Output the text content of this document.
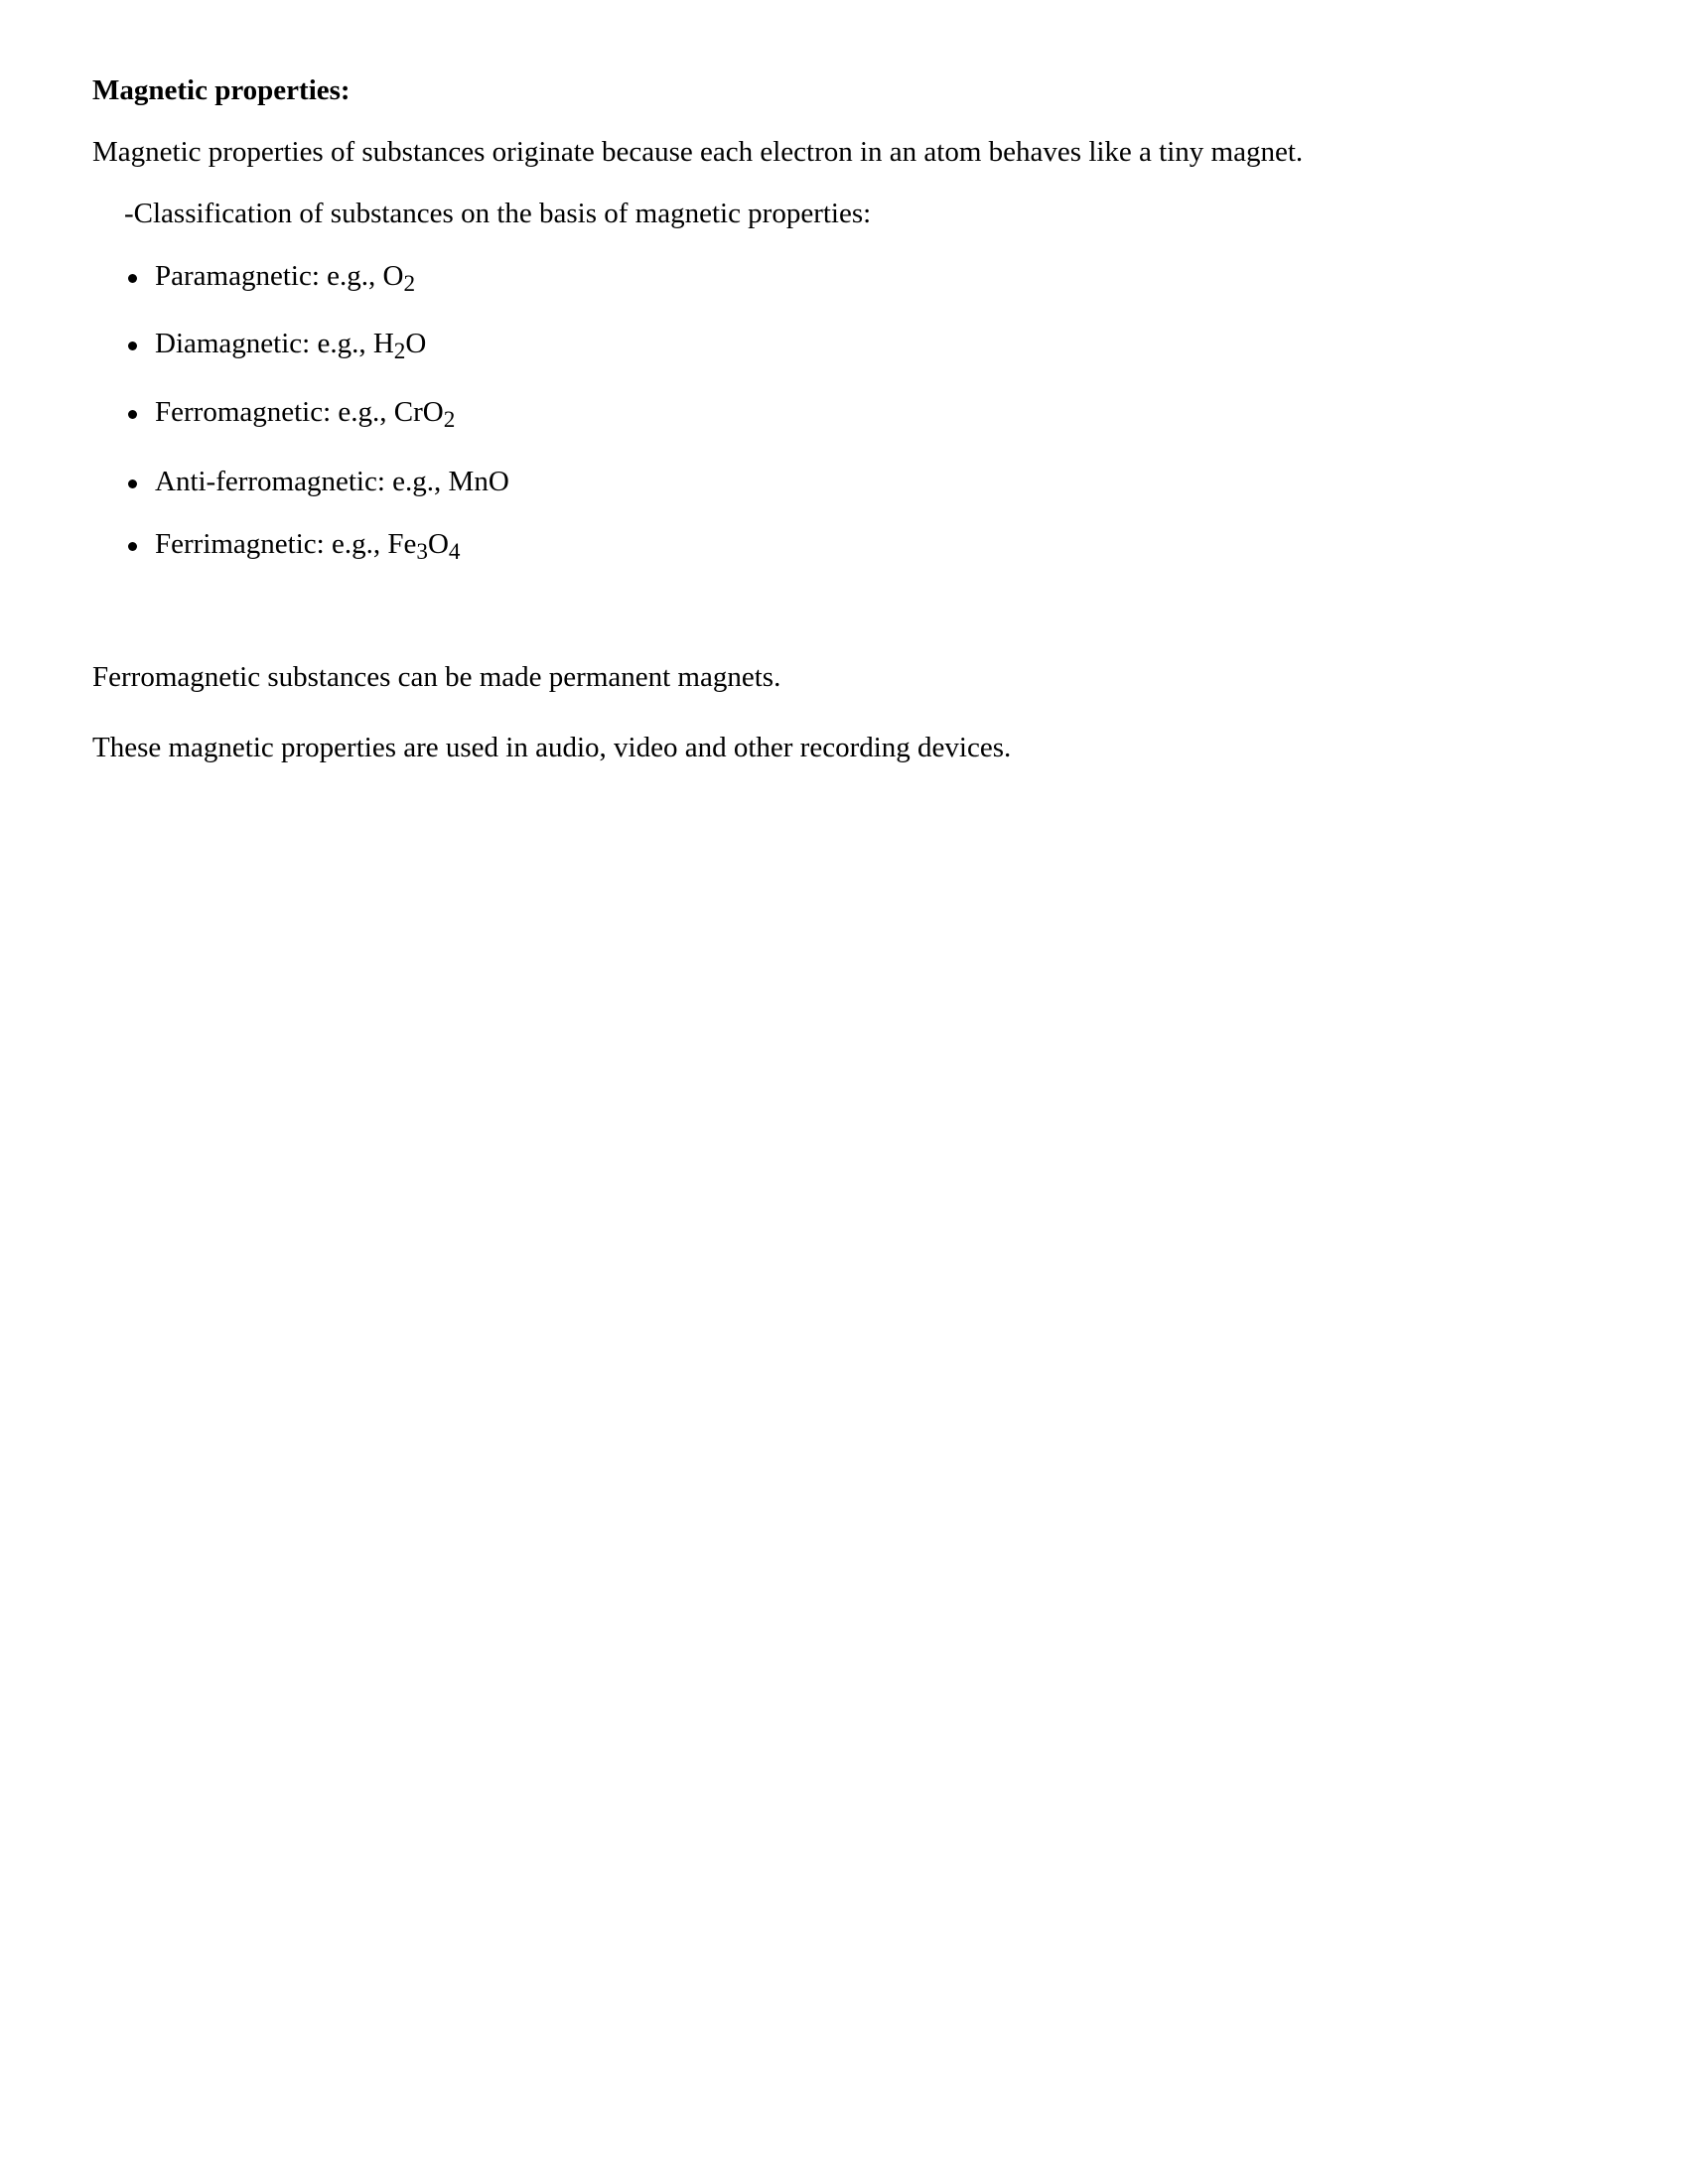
Magnetic properties:
Magnetic properties of substances originate because each electron in an atom behaves like a tiny magnet.
-Classification of substances on the basis of magnetic properties:
Paramagnetic: e.g., $O_2$
Diamagnetic: e.g., $H_2O$
Ferromagnetic: e.g., CrO$_2$
Anti-ferromagnetic: e.g., MnO
Ferrimagnetic: e.g., $Fe_3O_4$
Ferromagnetic substances can be made permanent magnets.
These magnetic properties are used in audio, video and other recording devices.
